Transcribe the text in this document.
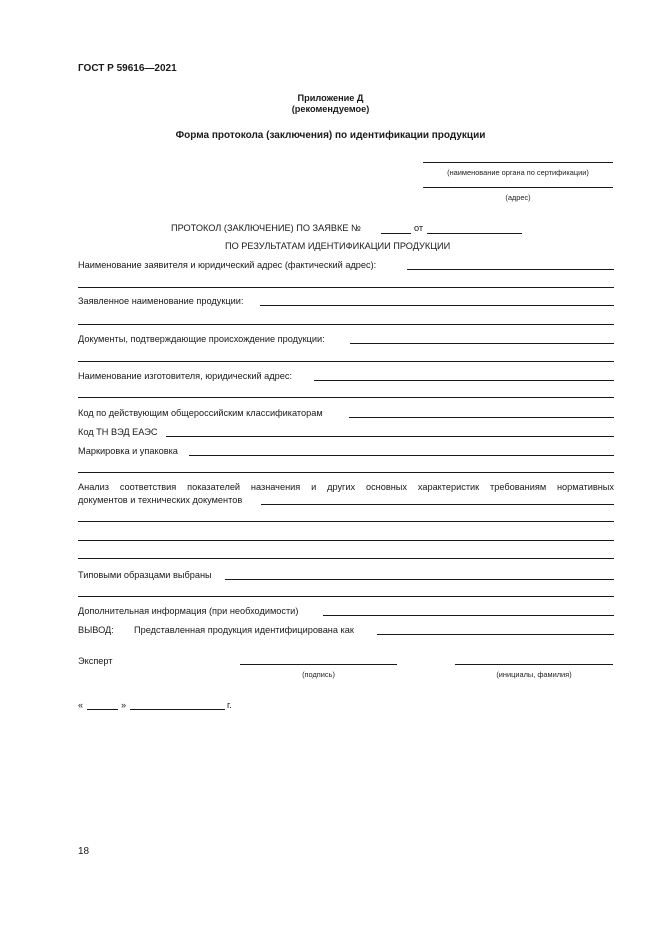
ГОСТ Р 59616—2021
Приложение Д
(рекомендуемое)
Форма протокола (заключения) по идентификации продукции
(наименование органа по сертификации)
(адрес)
ПРОТОКОЛ (ЗАКЛЮЧЕНИЕ) ПО ЗАЯВКЕ №	от
ПО РЕЗУЛЬТАТАМ ИДЕНТИФИКАЦИИ ПРОДУКЦИИ
Наименование заявителя и юридический адрес (фактический адрес):
Заявленное наименование продукции:
Документы, подтверждающие происхождение продукции:
Наименование изготовителя, юридический адрес:
Код по действующим общероссийским классификаторам
Код ТН ВЭД ЕАЭС
Маркировка и упаковка
Анализ соответствия показателей назначения и других основных характеристик требованиям нормативных
документов и технических документов
Типовыми образцами выбраны
Дополнительная информация (при необходимости)
ВЫВОД: Представленная продукция идентифицирована как
Эксперт
(подпись)	(инициалы, фамилия)
«	»	г.
18
